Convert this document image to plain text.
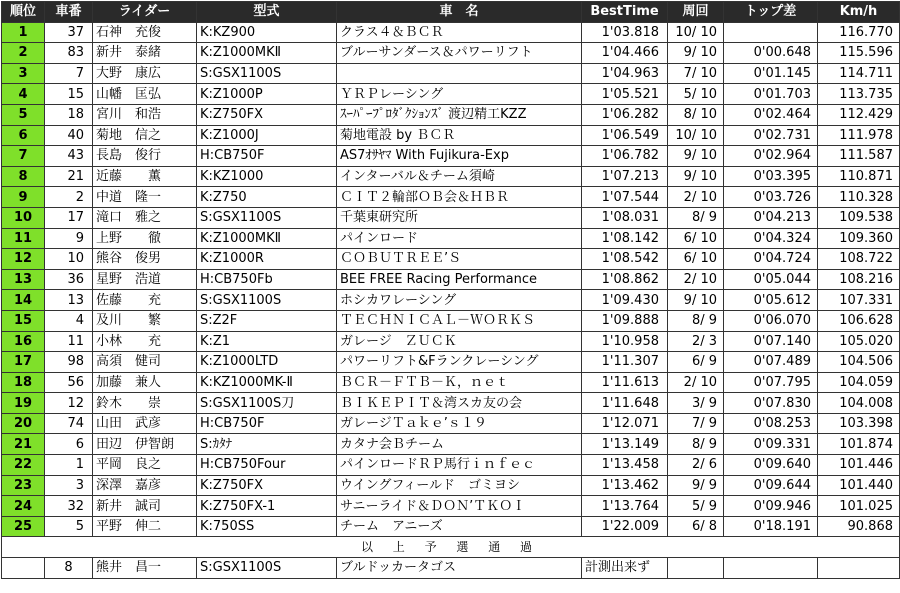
順位	車番	ライダー	型式	車　名	BestTime	周回	トップ差	Km/h
1	37	石神　充俊	K:KZ900	クラス４＆ＢＣＲ	1'03.818	10/ 10		116.770
2	83	新井　泰緒	K:Z1000MKⅡ	ブルーサンダース＆パワーリフト	1'04.466	9/ 10	0'00.648	115.596
3	7	大野　康広	S:GSX1100S		1'04.963	7/ 10	0'01.145	114.711
4	15	山幡　匡弘	K:Z1000P	ＹＲＰレーシング	1'05.521	5/ 10	0'01.703	113.735
5	18	宮川　和浩	K:Z750FX	ｽｰﾊﾟｰﾌﾟﾛﾀﾞｸｼｮﾝｽﾞ 渡辺精工KZZ	1'06.282	8/ 10	0'02.464	112.429
6	40	菊地　信之	K:Z1000J	菊地電設 by ＢＣＲ	1'06.549	10/ 10	0'02.731	111.978
7	43	長島　俊行	H:CB750F	AS7ｵｻﾔﾏ With Fujikura-Exp	1'06.782	9/ 10	0'02.964	111.587
8	21	近藤　　薫	K:KZ1000	インターバル＆チーム須崎	1'07.213	9/ 10	0'03.395	110.871
9	2	中道　隆一	K:Z750	ＣＩＴ２輪部ＯＢ会＆ＨＢＲ	1'07.544	2/ 10	0'03.726	110.328
10	17	滝口　雅之	S:GSX1100S	千葉東研究所	1'08.031	8/ 9	0'04.213	109.538
11	9	上野　　徹	K:Z1000MKⅡ	パインロード	1'08.142	6/ 10	0'04.324	109.360
12	10	熊谷　俊男	K:Z1000R	ＣＯＢＵＴＲＥＥ’Ｓ	1'08.542	6/ 10	0'04.724	108.722
13	36	星野　浩道	H:CB750Fb	BEE FREE Racing Performance	1'08.862	2/ 10	0'05.044	108.216
14	13	佐藤　　充	S:GSX1100S	ホシカワレーシング	1'09.430	9/ 10	0'05.612	107.331
15	4	及川　　繁	S:Z2F	ＴＥＣＨＮＩＣＡＬ－ＷＯＲＫＳ	1'09.888	8/ 9	0'06.070	106.628
16	11	小林　　充	K:Z1	ガレージ　ＺＵＣＫ	1'10.958	2/ 3	0'07.140	105.020
17	98	高須　健司	K:Z1000LTD	パワーリフト&Fランクレーシング	1'11.307	6/ 9	0'07.489	104.506
18	56	加藤　兼人	K:KZ1000MK-Ⅱ	ＢＣＲ－ＦＴＢ－Ｋ，ｎｅｔ	1'11.613	2/ 10	0'07.795	104.059
19	12	鈴木　　崇	S:GSX1100S刀	ＢＩＫＥＰＩＴ＆湾スカ友の会	1'11.648	3/ 9	0'07.830	104.008
20	74	山田　武彦	H:CB750F	ガレージＴａｋｅ’ｓ１９	1'12.071	7/ 9	0'08.253	103.398
21	6	田辺　伊智朗	S:ｶﾀﾅ	カタナ会Ｂチーム	1'13.149	8/ 9	0'09.331	101.874
22	1	平岡　良之	H:CB750Four	パインロードＲＰ馬行ｉｎｆｅｃ	1'13.458	2/ 6	0'09.640	101.446
23	3	深澤　嘉彦	K:Z750FX	ウイングフィールド　ゴミヨシ	1'13.462	9/ 9	0'09.644	101.440
24	32	新井　誠司	K:Z750FX-1	サニーライド＆ＤＯＮ’ＴＫＯＩ	1'13.764	5/ 9	0'09.946	101.025
25	5	平野　伸二	K:750SS	チーム　アニーズ	1'22.009	6/ 8	0'18.191	90.868
以 上 予 選 通 過								
	8	熊井　昌一	S:GSX1100S	ブルドッカータゴス	計測出来ず			
